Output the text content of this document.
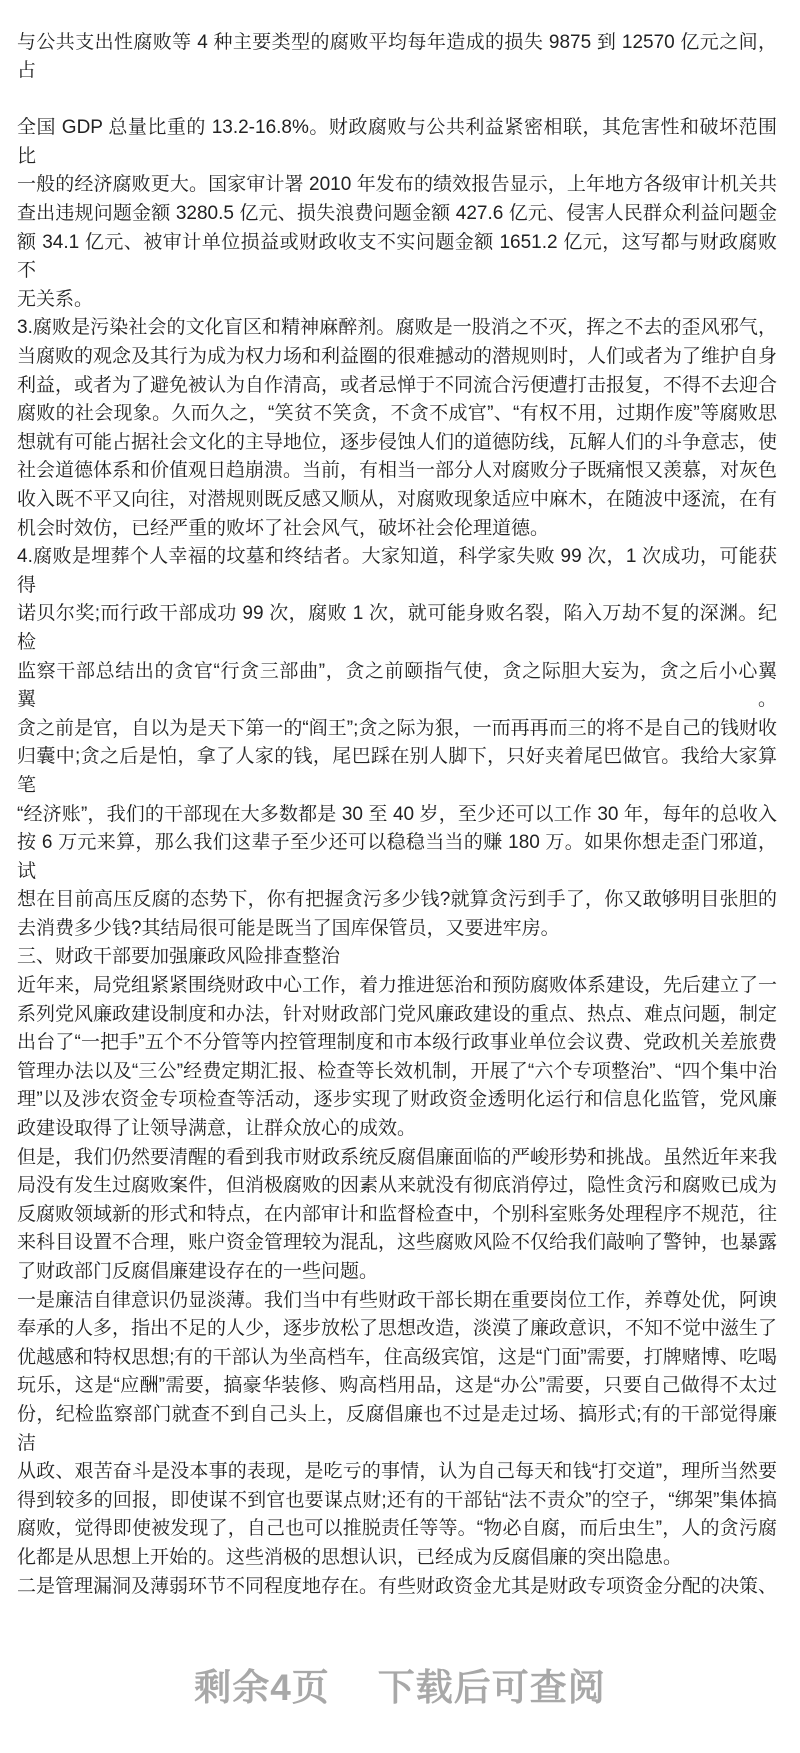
与公共支出性腐败等 4 种主要类型的腐败平均每年造成的损失 9875 到 12570 亿元之间，占
全国 GDP 总量比重的 13.2-16.8%。财政腐败与公共利益紧密相联，其危害性和破坏范围比
一般的经济腐败更大。国家审计署 2010 年发布的绩效报告显示，上年地方各级审计机关共
查出违规问题金额 3280.5 亿元、损失浪费问题金额 427.6 亿元、侵害人民群众利益问题金
额 34.1 亿元、被审计单位损益或财政收支不实问题金额 1651.2 亿元，这写都与财政腐败不
无关系。
3.腐败是污染社会的文化盲区和精神麻醉剂。腐败是一股消之不灭，挥之不去的歪风邪气，
当腐败的观念及其行为成为权力场和利益圈的很难撼动的潜规则时，人们或者为了维护自身
利益，或者为了避免被认为自作清高，或者忌惮于不同流合污便遭打击报复，不得不去迎合
腐败的社会现象。久而久之，“笑贫不笑贪，不贪不成官”、“有权不用，过期作废”等腐败思
想就有可能占据社会文化的主导地位，逐步侵蚀人们的道德防线，瓦解人们的斗争意志，使
社会道德体系和价值观日趋崩溃。当前，有相当一部分人对腐败分子既痛恨又羡慕，对灰色
收入既不平又向往，对潜规则既反感又顺从，对腐败现象适应中麻木，在随波中逐流，在有
机会时效仿，已经严重的败坏了社会风气，破坏社会伦理道德。
4.腐败是埋葬个人幸福的坟墓和终结者。大家知道，科学家失败 99 次，1 次成功，可能获得
诺贝尔奖;而行政干部成功 99 次，腐败 1 次，就可能身败名裂，陷入万劫不复的深渊。纪检
监察干部总结出的贪官“行贪三部曲”，贪之前颐指气使，贪之际胆大妄为，贪之后小心翼翼。
贪之前是官，自以为是天下第一的“阎王”;贪之际为狠，一而再再而三的将不是自己的钱财收
归囊中;贪之后是怕，拿了人家的钱，尾巴踩在别人脚下，只好夹着尾巴做官。我给大家算笔
“经济账”，我们的干部现在大多数都是 30 至 40 岁，至少还可以工作 30 年，每年的总收入
按 6 万元来算，那么我们这辈子至少还可以稳稳当当的赚 180 万。如果你想走歪门邪道，试
想在目前高压反腐的态势下，你有把握贪污多少钱?就算贪污到手了，你又敢够明目张胆的
去消费多少钱?其结局很可能是既当了国库保管员，又要进牢房。
三、财政干部要加强廉政风险排查整治
近年来，局党组紧紧围绕财政中心工作，着力推进惩治和预防腐败体系建设，先后建立了一
系列党风廉政建设制度和办法，针对财政部门党风廉政建设的重点、热点、难点问题，制定
出台了“一把手”五个不分管等内控管理制度和市本级行政事业单位会议费、党政机关差旅费
管理办法以及“三公”经费定期汇报、检查等长效机制，开展了“六个专项整治”、“四个集中治
理”以及涉农资金专项检查等活动，逐步实现了财政资金透明化运行和信息化监管，党风廉
政建设取得了让领导满意，让群众放心的成效。
但是，我们仍然要清醒的看到我市财政系统反腐倡廉面临的严峻形势和挑战。虽然近年来我
局没有发生过腐败案件，但消极腐败的因素从来就没有彻底消停过，隐性贪污和腐败已成为
反腐败领域新的形式和特点，在内部审计和监督检查中，个别科室账务处理程序不规范，往
来科目设置不合理，账户资金管理较为混乱，这些腐败风险不仅给我们敲响了警钟，也暴露
了财政部门反腐倡廉建设存在的一些问题。
一是廉洁自律意识仍显淡薄。我们当中有些财政干部长期在重要岗位工作，养尊处优，阿谀
奉承的人多，指出不足的人少，逐步放松了思想改造，淡漠了廉政意识，不知不觉中滋生了
优越感和特权思想;有的干部认为坐高档车，住高级宾馆，这是“门面”需要，打牌赌博、吃喝
玩乐，这是“应酬”需要，搞豪华装修、购高档用品，这是“办公”需要，只要自己做得不太过
份，纪检监察部门就查不到自己头上，反腐倡廉也不过是走过场、搞形式;有的干部觉得廉洁
从政、艰苦奋斗是没本事的表现，是吃亏的事情，认为自己每天和钱“打交道”，理所当然要
得到较多的回报，即使谋不到官也要谋点财;还有的干部钻“法不责众”的空子，“绑架”集体搞
腐败，觉得即使被发现了，自己也可以推脱责任等等。“物必自腐，而后虫生”，人的贪污腐
化都是从思想上开始的。这些消极的思想认识，已经成为反腐倡廉的突出隐患。
二是管理漏洞及薄弱环节不同程度地存在。有些财政资金尤其是财政专项资金分配的决策、
剩余4页 下载后可查阅
